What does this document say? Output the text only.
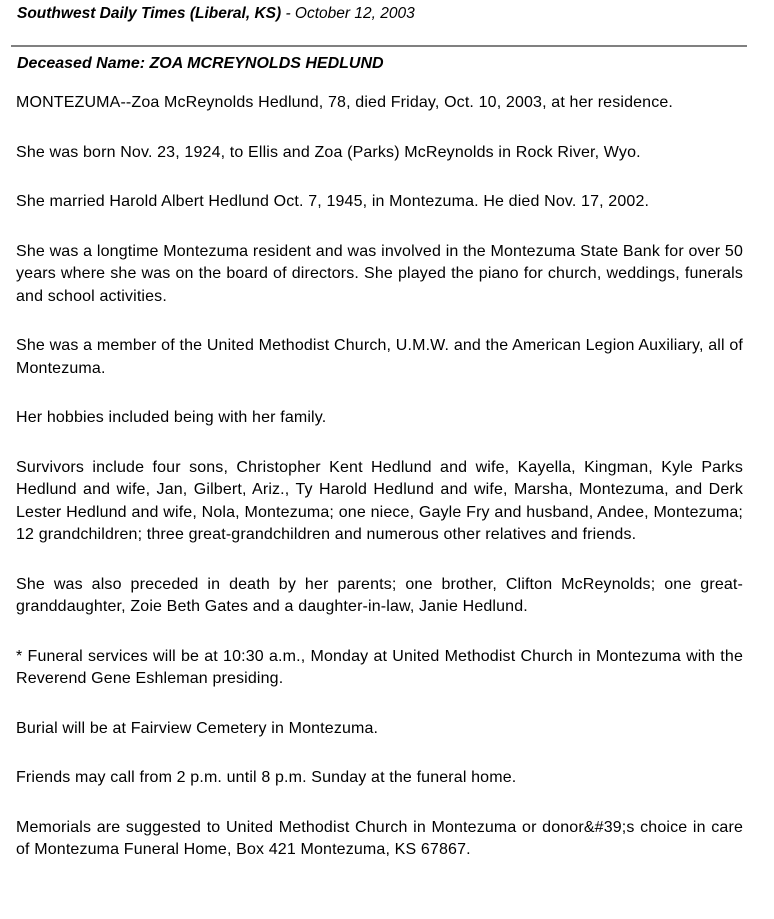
Southwest Daily Times (Liberal, KS) - October 12, 2003
Deceased Name: ZOA MCREYNOLDS HEDLUND

MONTEZUMA--Zoa McReynolds Hedlund, 78, died Friday, Oct. 10, 2003, at her residence.

She was born Nov. 23, 1924, to Ellis and Zoa (Parks) McReynolds in Rock River, Wyo.

She married Harold Albert Hedlund Oct. 7, 1945, in Montezuma. He died Nov. 17, 2002.

She was a longtime Montezuma resident and was involved in the Montezuma State Bank for over 50 years where she was on the board of directors. She played the piano for church, weddings, funerals and school activities.

She was a member of the United Methodist Church, U.M.W. and the American Legion Auxiliary, all of Montezuma.

Her hobbies included being with her family.

Survivors include four sons, Christopher Kent Hedlund and wife, Kayella, Kingman, Kyle Parks Hedlund and wife, Jan, Gilbert, Ariz., Ty Harold Hedlund and wife, Marsha, Montezuma, and Derk Lester Hedlund and wife, Nola, Montezuma; one niece, Gayle Fry and husband, Andee, Montezuma; 12 grandchildren; three great-grandchildren and numerous other relatives and friends.

She was also preceded in death by her parents; one brother, Clifton McReynolds; one great-granddaughter, Zoie Beth Gates and a daughter-in-law, Janie Hedlund.

* Funeral services will be at 10:30 a.m., Monday at United Methodist Church in Montezuma with the Reverend Gene Eshleman presiding.

Burial will be at Fairview Cemetery in Montezuma.

Friends may call from 2 p.m. until 8 p.m. Sunday at the funeral home.

Memorials are suggested to United Methodist Church in Montezuma or donor&#39;s choice in care of Montezuma Funeral Home, Box 421 Montezuma, KS 67867.
